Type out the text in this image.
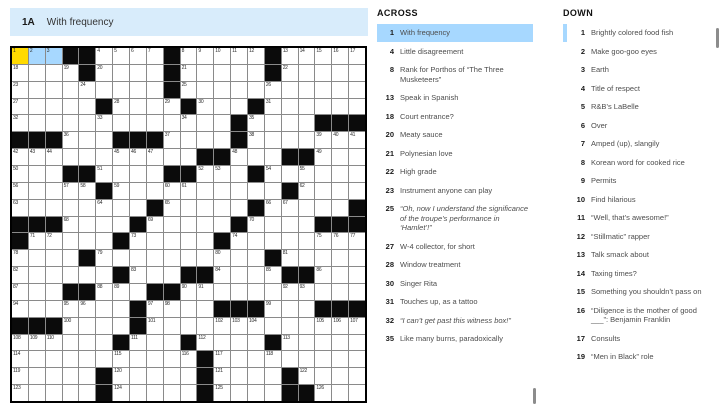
1A With frequency
1	2	3	4	5	6	7	8	9	10 11 12	13 14 15 16 17
18	19	20	21	22
23	24	25	26
27	28	29	30	31
32	33	34	35
36	37	38	39 40 41
42 43 44	45 46 47	48	49
50	51	52 53	54	55
56	57 58	59	60 61	62
63	64	65	66 67
68	69	70
71 72	73	74	75 76 77
78	79	80	81
82	83	84	85	86
87	88 89	90 91	92 93
94	95 96	97 98	99
100	101	102 103 104	105 106 107
108 109 110	111	112	113
114	115	116	117	118
119	120	121	122
123	124	125	126
ACROSS
1 With frequency
4 Little disagreement
8 Rank for Porthos of “The Three Musketeers”
13 Speak in Spanish
18 Court entrance?
20 Meaty sauce
21 Polynesian love
22 High grade
23 Instrument anyone can play
25 “Oh, now I understand the significance of the troupe’s performance in ‘Hamlet’!”
27 W-4 collector, for short
28 Window treatment
30 Singer Rita
31 Touches up, as a tattoo
32 “I can’t get past this witness box!”
35 Like many burns, paradoxically
DOWN
1 Brightly colored food fish
2 Make goo-goo eyes
3 Earth
4 Title of respect
5 R&B’s LaBelle
6 Over
7 Amped (up), slangily
8 Korean word for cooked rice
9 Permits
10 Find hilarious
11 “Well, that’s awesome!”
12 “Stillmatic” rapper
13 Talk smack about
14 Taxing times?
15 Something you shouldn’t pass on
16 “Diligence is the mother of good ___”: Benjamin Franklin
17 Consults
19 “Men in Black” role
